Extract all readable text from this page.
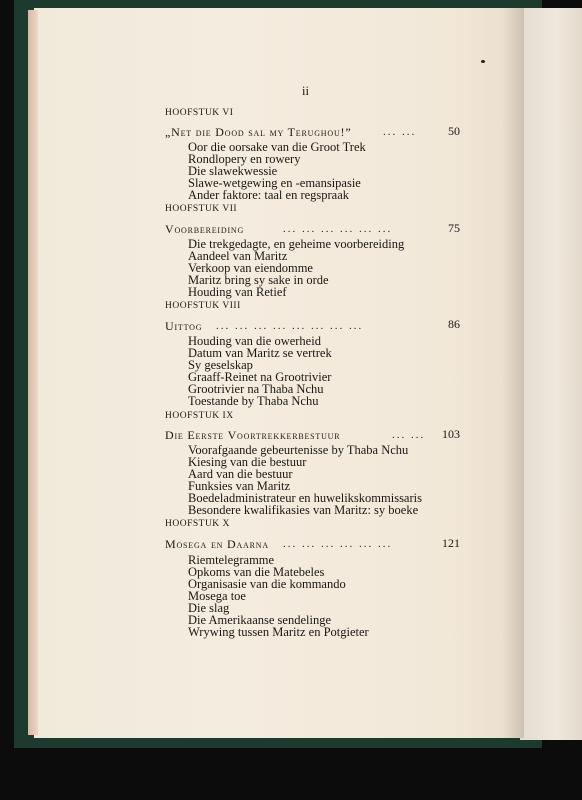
ii
HOOFSTUK VI
„Net die Dood sal my Terughou!”	... ...	50
Oor die oorsake van die Groot Trek
Rondlopery en rowery
Die slawekwessie
Slawe-wetgewing en -emansipasie
Ander faktore: taal en regspraak
HOOFSTUK VII
Voorbereiding	... ... ... ... ... ...	75
Die trekgedagte, en geheime voorbereiding
Aandeel van Maritz
Verkoop van eiendomme
Maritz bring sy sake in orde
Houding van Retief
HOOFSTUK VIII
Uittog ... ... ... ... ... ... ... ...	86
Houding van die owerheid
Datum van Maritz se vertrek
Sy geselskap
Graaff-Reinet na Grootrivier
Grootrivier na Thaba Nchu
Toestande by Thaba Nchu
HOOFSTUK IX
Die Eerste Voortrekkerbestuur	... ...	103
Voorafgaande gebeurtenisse by Thaba Nchu
Kiesing van die bestuur
Aard van die bestuur
Funksies van Maritz
Boedeladministrateur en huwelikskommissaris
Besondere kwalifikasies van Maritz: sy boeke
HOOFSTUK X
Mosega en Daarna ... ... ... ... ... ...	121
Riemtelegramme
Opkoms van die Matebeles
Organisasie van die kommando
Mosega toe
Die slag
Die Amerikaanse sendelinge
Wrywing tussen Maritz en Potgieter
